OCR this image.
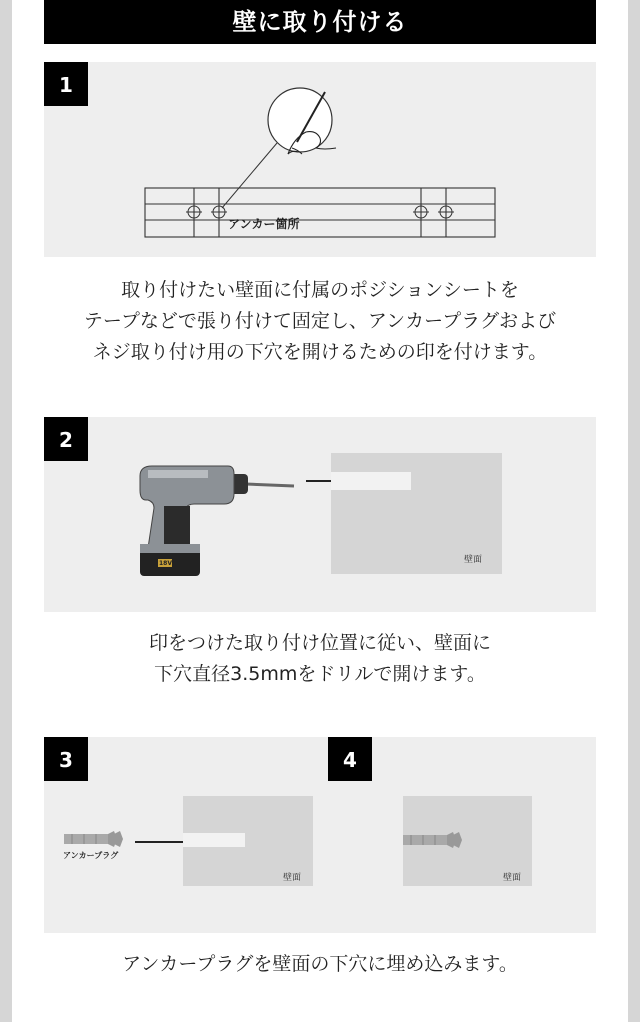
壁に取り付ける
1
アンカー箇所
取り付けたい壁面に付属のポジションシートを
テープなどで張り付けて固定し、アンカープラグおよび
ネジ取り付け用の下穴を開けるための印を付けます。
2
18V	壁面
印をつけた取り付け位置に従い、壁面に
下穴直径3.5mmをドリルで開けます。
3	4
アンカープラグ
壁面	壁面
アンカープラグを壁面の下穴に埋め込みます。
